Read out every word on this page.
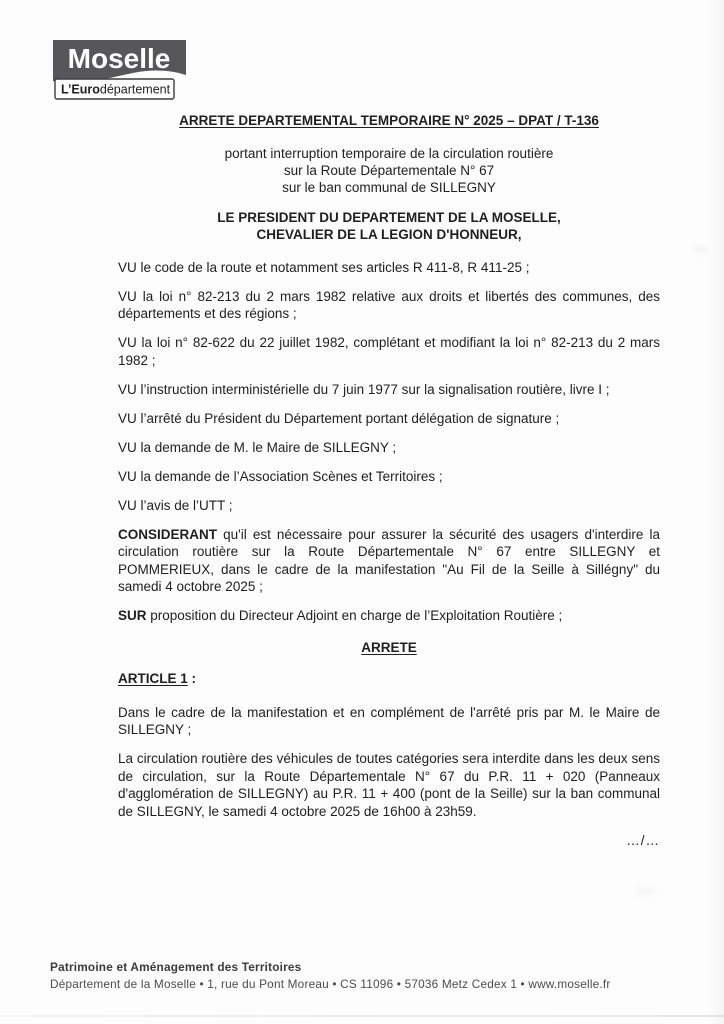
Moselle
L’Eurodépartement
ARRETE DEPARTEMENTAL TEMPORAIRE N° 2025 – DPAT / T-136
portant interruption temporaire de la circulation routière
sur la Route Départementale N° 67
sur le ban communal de SILLEGNY
LE PRESIDENT DU DEPARTEMENT DE LA MOSELLE,
CHEVALIER DE LA LEGION D'HONNEUR,

VU le code de la route et notamment ses articles R 411-8, R 411-25 ;

VU la loi n° 82-213 du 2 mars 1982 relative aux droits et libertés des communes, des départements et des régions ;

VU la loi n° 82-622 du 22 juillet 1982, complétant et modifiant la loi n° 82-213 du 2 mars 1982 ;

VU l’instruction interministérielle du 7 juin 1977 sur la signalisation routière, livre I ;

VU l’arrêté du Président du Département portant délégation de signature ;

VU la demande de M. le Maire de SILLEGNY ;

VU la demande de l’Association Scènes et Territoires ;

VU l’avis de l’UTT ;

CONSIDERANT qu'il est nécessaire pour assurer la sécurité des usagers d'interdire la circulation routière sur la Route Départementale N° 67 entre SILLEGNY et POMMERIEUX, dans le cadre de la manifestation "Au Fil de la Seille à Sillégny" du samedi 4 octobre 2025 ;

SUR proposition du Directeur Adjoint en charge de l’Exploitation Routière ;

ARRETE
ARTICLE 1 :

Dans le cadre de la manifestation et en complément de l'arrêté pris par M. le Maire de SILLEGNY ;

La circulation routière des véhicules de toutes catégories sera interdite dans les deux sens de circulation, sur la Route Départementale N° 67 du P.R. 11 + 020 (Panneaux d'agglomération de SILLEGNY) au P.R. 11 + 400 (pont de la Seille) sur la ban communal de SILLEGNY, le samedi 4 octobre 2025 de 16h00 à 23h59.

…/…
Patrimoine et Aménagement des Territoires
Département de la Moselle • 1, rue du Pont Moreau • CS 11096 • 57036 Metz Cedex 1 • www.moselle.fr
